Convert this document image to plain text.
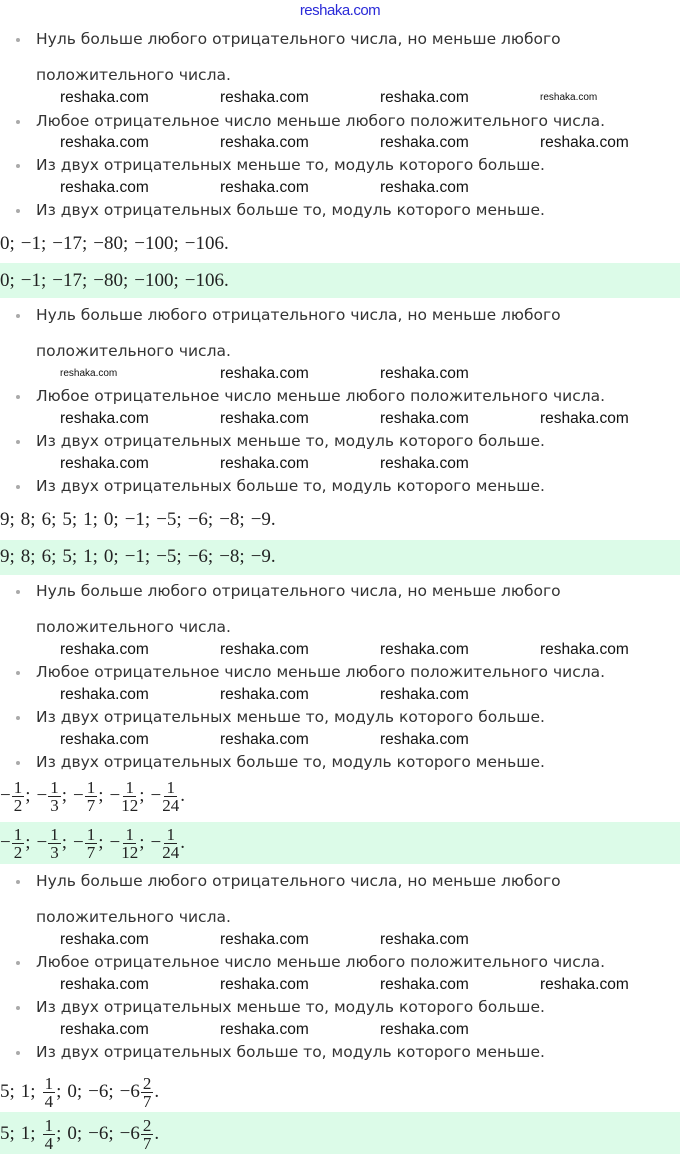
reshaka.com
Нуль больше любого отрицательного числа, но меньше любого
положительного числа.
Любое отрицательное число меньше любого положительного числа.
Из двух отрицательных меньше то, модуль которого больше.
Из двух отрицательных больше то, модуль которого меньше.
0; −1; −17; −80; −100; −106.
0; −1; −17; −80; −100; −106.
reshaka.com	reshaka.com	reshaka.com	reshaka.com
reshaka.com	reshaka.com	reshaka.com	reshaka.com
reshaka.com	reshaka.com	reshaka.com
Нуль больше любого отрицательного числа, но меньше любого
положительного числа.
Любое отрицательное число меньше любого положительного числа.
Из двух отрицательных меньше то, модуль которого больше.
Из двух отрицательных больше то, модуль которого меньше.
9; 8; 6; 5; 1; 0; −1; −5; −6; −8; −9.
9; 8; 6; 5; 1; 0; −1; −5; −6; −8; −9.
reshaka.com	reshaka.com	reshaka.com
reshaka.com	reshaka.com	reshaka.com	reshaka.com
reshaka.com	reshaka.com	reshaka.com
Нуль больше любого отрицательного числа, но меньше любого
положительного числа.
Любое отрицательное число меньше любого положительного числа.
Из двух отрицательных меньше то, модуль которого больше.
Из двух отрицательных больше то, модуль которого меньше.
− $\frac{1}{2}$ ; − $\frac{1}{3}$ ; − $\frac{1}{7}$ ; − $\frac{1}{12}$ ; − $\frac{1}{24}$ .
− $\frac{1}{2}$ ; − $\frac{1}{3}$ ; − $\frac{1}{7}$ ; − $\frac{1}{12}$ ; − $\frac{1}{24}$ .
reshaka.com	reshaka.com	reshaka.com	reshaka.com
reshaka.com	reshaka.com	reshaka.com
reshaka.com	reshaka.com	reshaka.com
Нуль больше любого отрицательного числа, но меньше любого
положительного числа.
Любое отрицательное число меньше любого положительного числа.
Из двух отрицательных меньше то, модуль которого больше.
Из двух отрицательных больше то, модуль которого меньше.
5; 1; $\frac{1}{4}$ ; 0; −6; $-6 \frac{2}{7}$ .
5; 1; $\frac{1}{4}$ ; 0; −6; $-6 \frac{2}{7}$ .
reshaka.com	reshaka.com	reshaka.com
reshaka.com	reshaka.com	reshaka.com	reshaka.com
reshaka.com	reshaka.com	reshaka.com
